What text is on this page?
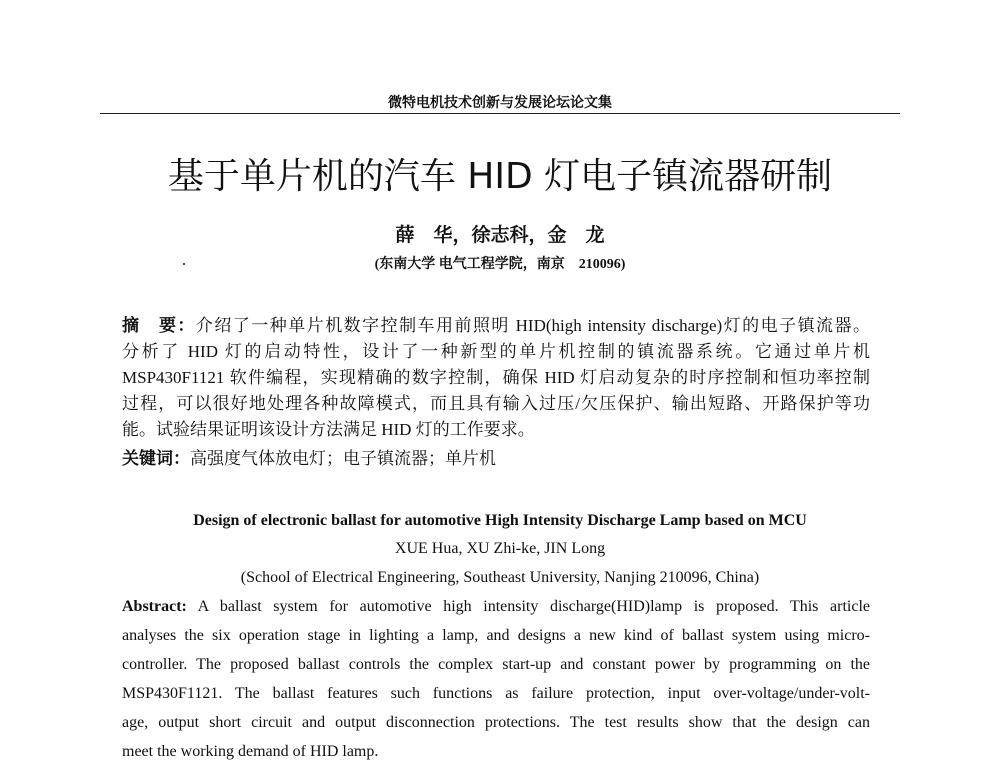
微特电机技术创新与发展论坛论文集
基于单片机的汽车 HID 灯电子镇流器研制
薛　华，徐志科，金　龙
(东南大学 电气工程学院，南京　210096)
摘　要：介绍了一种单片机数字控制车用前照明 HID(high intensity discharge)灯的电子镇流器。
分析了 HID 灯的启动特性，设计了一种新型的单片机控制的镇流器系统。它通过单片机
MSP430F1121 软件编程，实现精确的数字控制，确保 HID 灯启动复杂的时序控制和恒功率控制
过程，可以很好地处理各种故障模式，而且具有输入过压/欠压保护、输出短路、开路保护等功
能。试验结果证明该设计方法满足 HID 灯的工作要求。
关键词：高强度气体放电灯；电子镇流器；单片机
Design of electronic ballast for automotive High Intensity Discharge Lamp based on MCU
XUE Hua, XU Zhi-ke, JIN Long
(School of Electrical Engineering, Southeast University, Nanjing 210096, China)
Abstract: A ballast system for automotive high intensity discharge(HID)lamp is proposed. This article
analyses the six operation stage in lighting a lamp, and designs a new kind of ballast system using micro-
controller. The proposed ballast controls the complex start-up and constant power by programming on the
MSP430F1121. The ballast features such functions as failure protection, input over-voltage/under-volt-
age, output short circuit and output disconnection protections. The test results show that the design can
meet the working demand of HID lamp.
